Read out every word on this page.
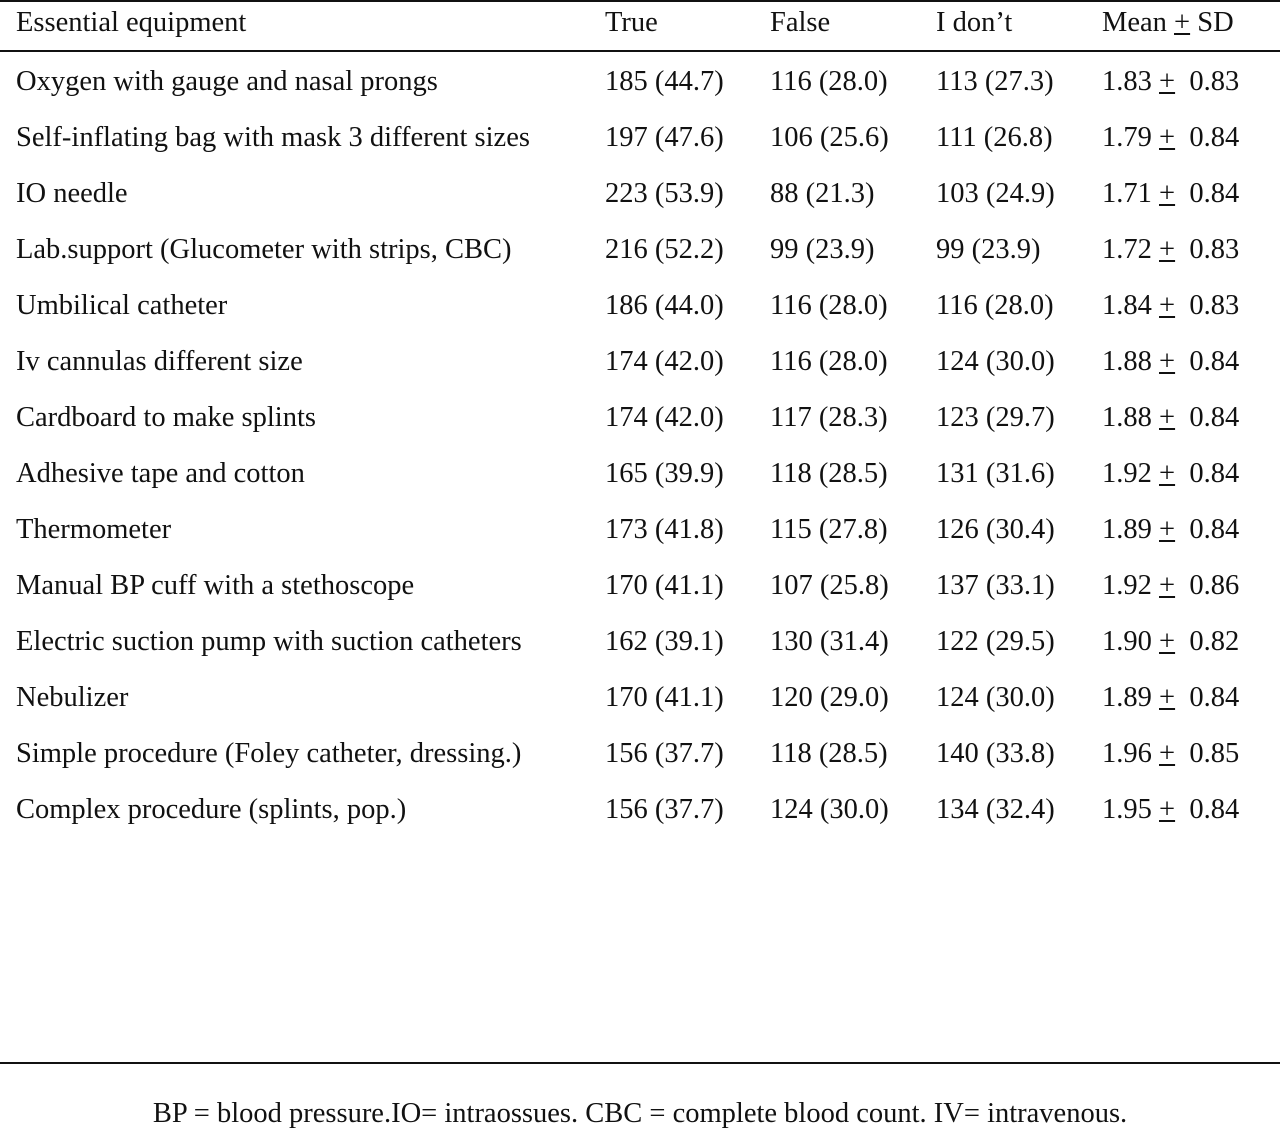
Essential equipment	True	False	I don’t	Mean + SD

Oxygen with gauge and nasal prongs	185 (44.7)	116 (28.0)	113 (27.3)	1.83 + 0.83

Self-inflating bag with mask 3 different sizes	197 (47.6)	106 (25.6)	111 (26.8)	1.79 + 0.84

IO needle	223 (53.9)	88 (21.3)	103 (24.9)	1.71 + 0.84

Lab.support (Glucometer with strips, CBC)	216 (52.2)	99 (23.9)	99 (23.9)	1.72 + 0.83

Umbilical catheter	186 (44.0)	116 (28.0)	116 (28.0)	1.84 + 0.83

Iv cannulas different size	174 (42.0)	116 (28.0)	124 (30.0)	1.88 + 0.84

Cardboard to make splints	174 (42.0)	117 (28.3)	123 (29.7)	1.88 + 0.84

Adhesive tape and cotton	165 (39.9)	118 (28.5)	131 (31.6)	1.92 + 0.84

Thermometer	173 (41.8)	115 (27.8)	126 (30.4)	1.89 + 0.84

Manual BP cuff with a stethoscope	170 (41.1)	107 (25.8)	137 (33.1)	1.92 + 0.86

Electric suction pump with suction catheters	162 (39.1)	130 (31.4)	122 (29.5)	1.90 + 0.82

Nebulizer	170 (41.1)	120 (29.0)	124 (30.0)	1.89 + 0.84

Simple procedure (Foley catheter, dressing.)	156 (37.7)	118 (28.5)	140 (33.8)	1.96 + 0.85

Complex procedure (splints, pop.)	156 (37.7)	124 (30.0)	134 (32.4)	1.95 + 0.84
BP = blood pressure.IO= intraossues. CBC = complete blood count. IV= intravenous.
